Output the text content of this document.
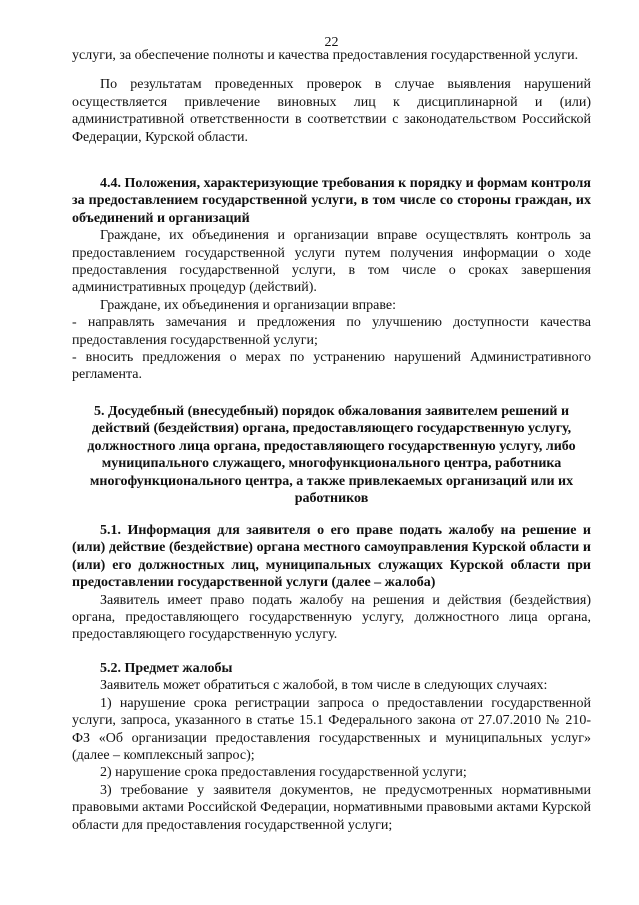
22

услуги, за обеспечение полноты и качества предоставления государственной услуги.

По результатам проведенных проверок в случае выявления нарушений осуществляется привлечение виновных лиц к дисциплинарной и (или) административной ответственности в соответствии с законодательством Российской Федерации, Курской области.

4.4. Положения, характеризующие требования к порядку и формам контроля за предоставлением государственной услуги, в том числе со стороны граждан, их объединений и организаций

Граждане, их объединения и организации вправе осуществлять контроль за предоставлением государственной услуги путем получения информации о ходе предоставления государственной услуги, в том числе о сроках завершения административных процедур (действий).

Граждане, их объединения и организации вправе:

- направлять замечания и предложения по улучшению доступности качества предоставления государственной услуги;

- вносить предложения о мерах по устранению нарушений Административного регламента.

5. Досудебный (внесудебный) порядок обжалования заявителем решений и действий (бездействия) органа, предоставляющего государственную услугу, должностного лица органа, предоставляющего государственную услугу, либо муниципального служащего, многофункционального центра, работника многофункционального центра, а также привлекаемых организаций или их работников

5.1. Информация для заявителя о его праве подать жалобу на решение и (или) действие (бездействие) органа местного самоуправления Курской области и (или) его должностных лиц, муниципальных служащих Курской области при предоставлении государственной услуги (далее – жалоба)

Заявитель имеет право подать жалобу на решения и действия (бездействия) органа, предоставляющего государственную услугу, должностного лица органа, предоставляющего государственную услугу.

5.2. Предмет жалобы

Заявитель может обратиться с жалобой, в том числе в следующих случаях:

1) нарушение срока регистрации запроса о предоставлении государственной услуги, запроса, указанного в статье 15.1 Федерального закона от 27.07.2010 № 210-ФЗ «Об организации предоставления государственных и муниципальных услуг» (далее – комплексный запрос);

2) нарушение срока предоставления государственной услуги;

3) требование у заявителя документов, не предусмотренных нормативными правовыми актами Российской Федерации, нормативными правовыми актами Курской области для предоставления государственной услуги;
